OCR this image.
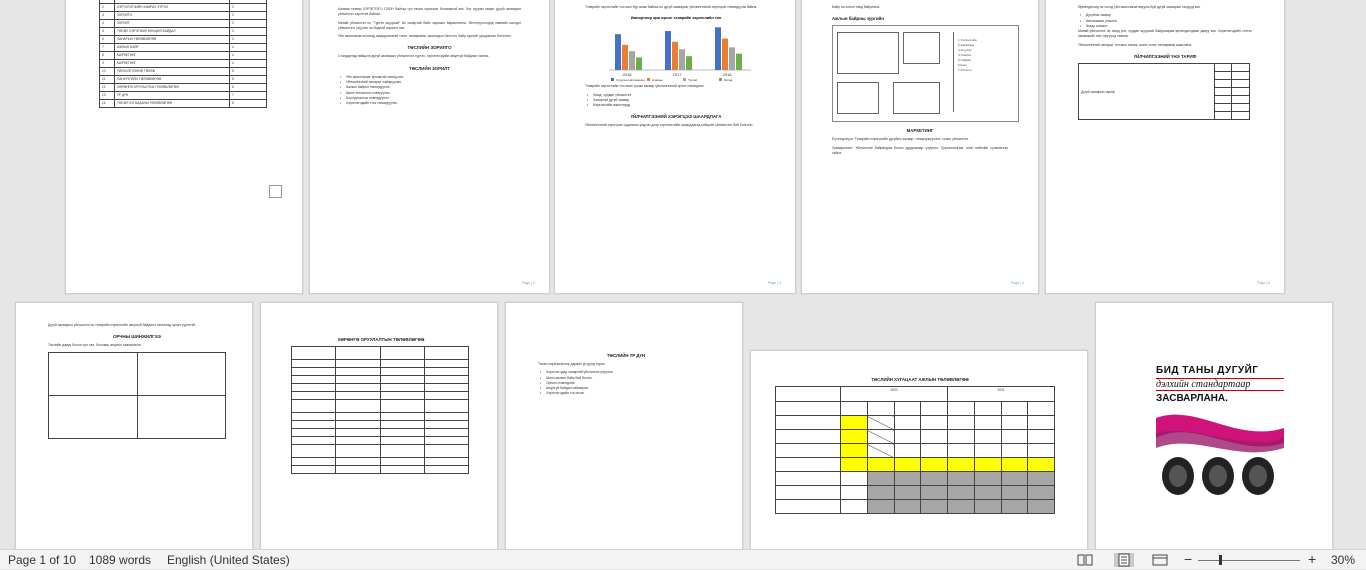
2	ХЭРЭГЛЭГЧИЙН ХАМРАХ ХҮРЭЭ	2
3	ЗОРИЛТО	2
4	ЗОРИЛТ	2
5	ТӨСӨЛ ХЭРЭГЖИХ НӨХЦӨЛ БАЙДАЛ	3
6	ЧАНАРЫН ТӨЛӨВЛӨГӨӨ	3
7	АЖЛЫН БАЙР	4
8	МАРКЕТИНГ	4
9	МАРКЕТИНГ	4
10	ҮЙЛЧИЛГЭЭНИЙ ТӨЛӨВ	5
11	САНХҮҮГИЙН ТӨЛӨВЛӨГӨӨ	5
12	ХӨРӨНГӨ ОРУУЛАЛТЫН ТӨЛӨВЛӨГӨӨ	6
13	ҮР ДҮН	7
14	ТӨСӨЛ ХУГАЦААНЫ ТӨЛӨВЛӨГӨӨ	8

Аливаа тээвэр ХЭРЭГЛЭГЧ ОЛОН байгаа тул төсөл хэрэгжих боломжтой юм. Хот суурин газарт дугуй засварын үйлчилгээ хэрэгтэй байгаа.

Манай үйлчилгээ нь "Тургэн шуурхай" ба чанартай байх зарчмыг баримтална. Үйлчлүүлэгчдэд хамгийн шилдэг үйлчилгээг үзүүлэх нь бидний зорилго юм.

Үйл ажиллагаа эхлэхэд шаардлагатай тоног төхөөрөмж, ажилчдын бэлтгэл, байр зэргийг урьдчилан бэлтгэнэ.

ТӨСЛИЙН ЗОРИЛГО

Стандартад нийцсэн дугуй засварын үйлчилгээг хүргэх, хэрэглэгчдийн аюулгүй байдлыг хангах.

ТӨСЛИЙН ЗОРИЛТ
• Үйл ажиллагааг эрчимтэй хөгжүүлэх.
• Үйлчилгээний чанарыг сайжруулах.
• Ажлын байрыг нэмэгдүүлэх.
• Шинэ технологи нэвтрүүлэх.
• Борлуулалтыг нэмэгдүүлэх.
• Хэрэглэгчдийн тоог нэмэгдүүлэх.
Page | 2

Тээврийн хэрэгслийн тоо жил бүр өсөж байгаа нь дугуй засварын үйлчилгээний хэрэгцээг нэмэгдүүлж байна.

Импортоор орж ирсэн тээврийн хэрэгслийн тоо
2016	2017	2018
Суудлын автомашин Ачааны	Тусгай	Бусад

Тээврийн хэрэгслийн тоо өсөх тусам засвар үйлчилгээний эрэлт нэмэгдэнэ.

• Хямд, хурдан үйлчилгээ.
• Чанартай дугуй засвар.
• Мэргэжлийн ажилтнууд.
ҮЙЛЧИЛГЭЭНИЙ ХЭРЭГЦЭЭ ШААРДЛАГА

Үйлчилгээний хэрэгцээг судалсны үндсэн дээр хэрэглэгчийн шаардлагад нийцсэн үйлчилгээг бий болгоно.

Page | 3

Байр нь хотын төвд байрлана.

Ажлын байрны зургийн
1 Хүлээлгийн
2 Засварын
3 Агуулах
4 Угаалга
5 Оффис
6 Касс
7 Зогсоол
МАРКЕТИНГ

Бүтээгдэхүүн: Тээврийн хэрэгслийн дугуйны засвар, тэнцвэржүүлэлт, солих үйлчилгээ.

Хуваарилалт: Үйлчилгээг байрандаа болон дуудлагаар үзүүлнэ. Сурталчилгааг олон нийтийн сүлжээгээр хийнэ.

Page | 4

Өрсөлдөгчид нь хотод үйл ажиллагаа явуулж буй дугуй засварын газрууд юм.

• Дугуйны засвар
• Автомашин угаалга
• Агаар шахалт

Манай үйлчилгээ нь хямд үнэ, хурдан шуурхай байдлаараа өрсөлдөгчдөөс давуу юм. Хэрэглэгчдийн сэтгэл ханамжийг нэн тэргүүнд тавина.

Үйлчилгээний чанарыг тогтмол хянаж, шинэ тоног төхөөрөмж ашиглана.

ҮЙЛЧИЛГЭЭНИЙ ҮНЭ ТАРИФ
Дугуй засварын тариф		

Page | 5

Дугуй засварын үйлчилгээ нь тээврийн хэрэгслийн аюулгүй байдлыг хангахад чухал үүрэгтэй.

ОРЧНЫ ШИНЖИЛГЭЭ

Төслийн давуу болон сул тал, боломж, аюулыг шинжилсэн.

ХӨРӨНГӨ ОРУУЛАЛТЫН ТӨЛӨВЛӨГӨӨ

ТӨСЛИЙН ҮР ДҮН

Төсөл хэрэгжсэнээр дараах үр дүнд хүрнэ.

• Хэрэглэгчдэд чанартай үйлчилгээ үзүүлнэ.
• Шинэ ажлын байр бий болно.
• Орлого нэмэгдэнэ.
• Аюулгүй байдал сайжирна.
• Хэрэглэгчдийн тоо өснө.
ТӨСЛИЙН ХУГАЦААТ АЖЛЫН ТӨЛӨВЛӨГӨӨ
	2020				2021			

БИД ТАНЫ ДУГУЙГ
дэлхийн стандартаар
ЗАСВАРЛАНА.
Page 1 of 10 1089 words English (United States)	−	+ 30%
